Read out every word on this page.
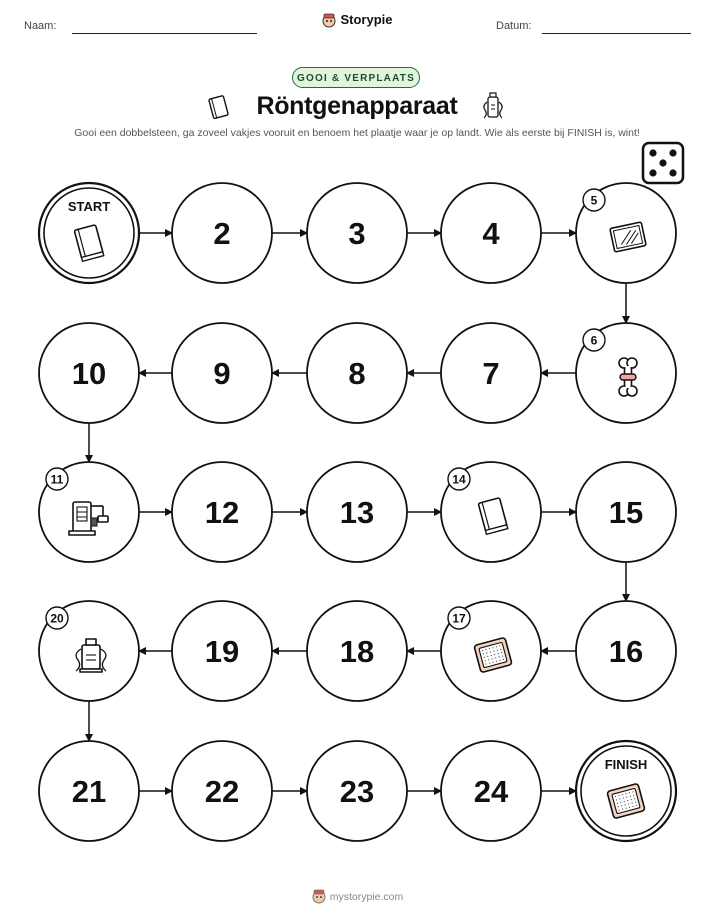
Naam:	Storypie	Datum:
GOOI & VERPLAATS
Röntgenapparaat
Gooi een dobbelsteen, ga zoveel vakjes vooruit en benoem het plaatje waar je op landt. Wie als eerste bij FINISH is, wint!
START
2	3	4
5
6
7
8
9
10
11
12	13
14
15
16
17
18
19
20
21	22	23	24
FINISH
mystorypie.com
